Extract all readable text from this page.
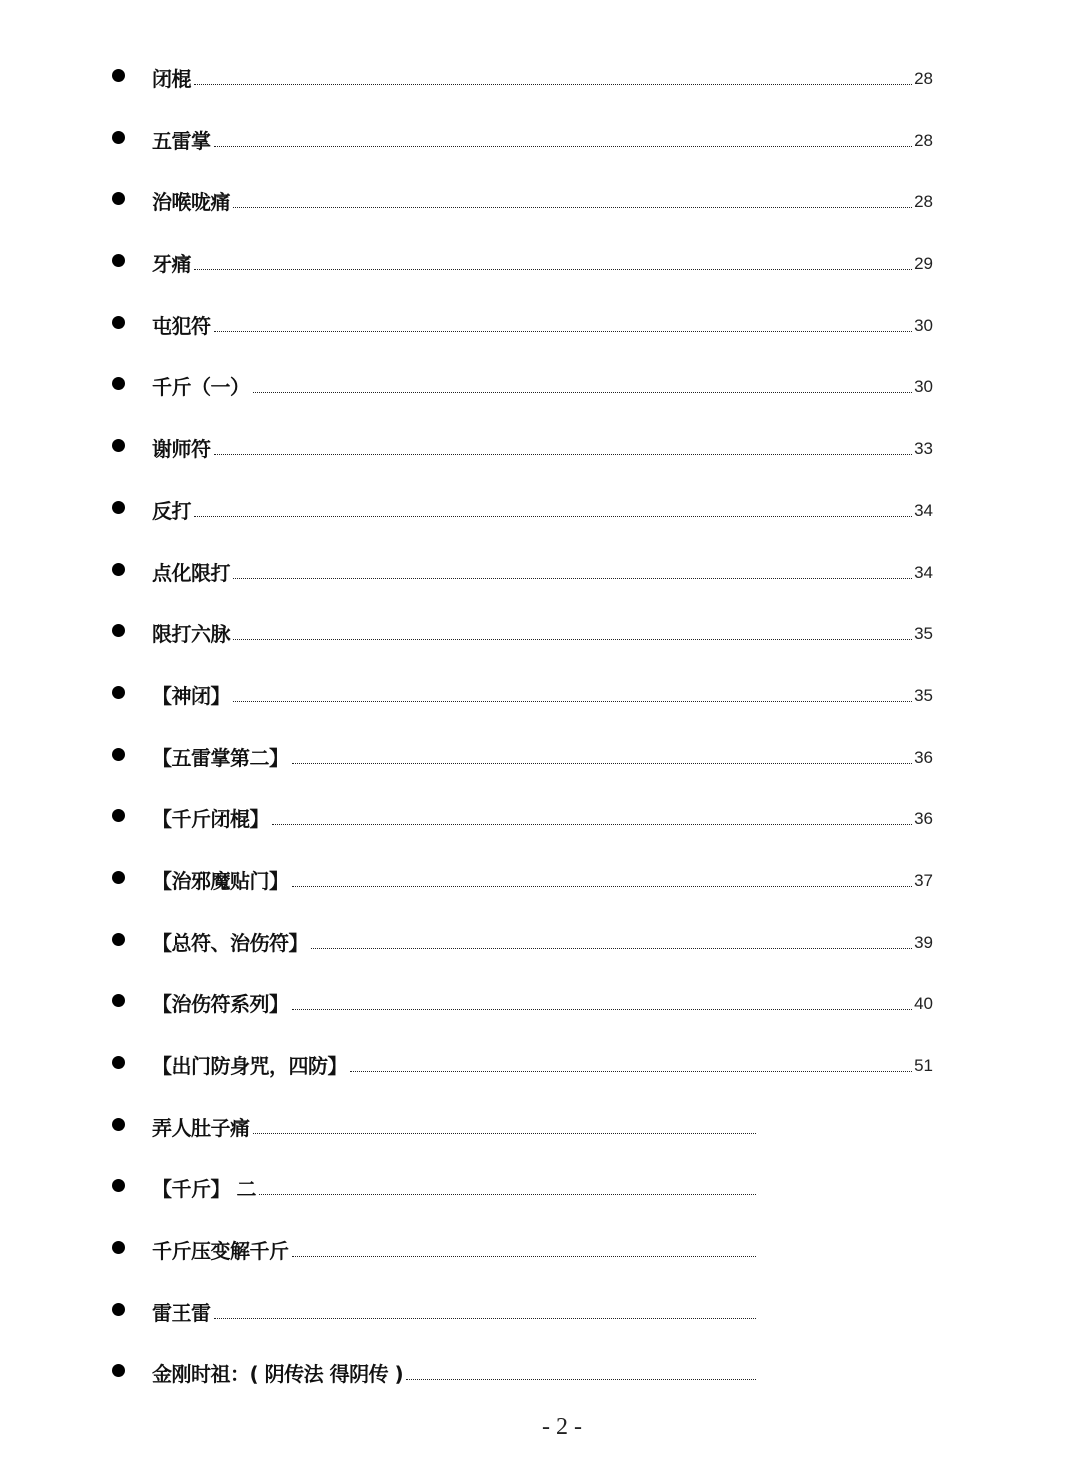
闭棍	28
五雷掌	28
治喉咙痛	28
牙痛	29
屯犯符	30
千斤（一）	30
谢师符	33
反打	34
点化限打	34
限打六脉	35
【神闭】	35
【五雷掌第二】	36
【千斤闭棍】	36
【治邪魔贴门】	37
【总符、治伤符】	39
【治伤符系列】	40
【出门防身咒，四防】	51
弄人肚子痛
【千斤】 二
千斤压变解千斤
雷王雷
金刚时祖：( 阴传法 得阴传 )
- 2 -
